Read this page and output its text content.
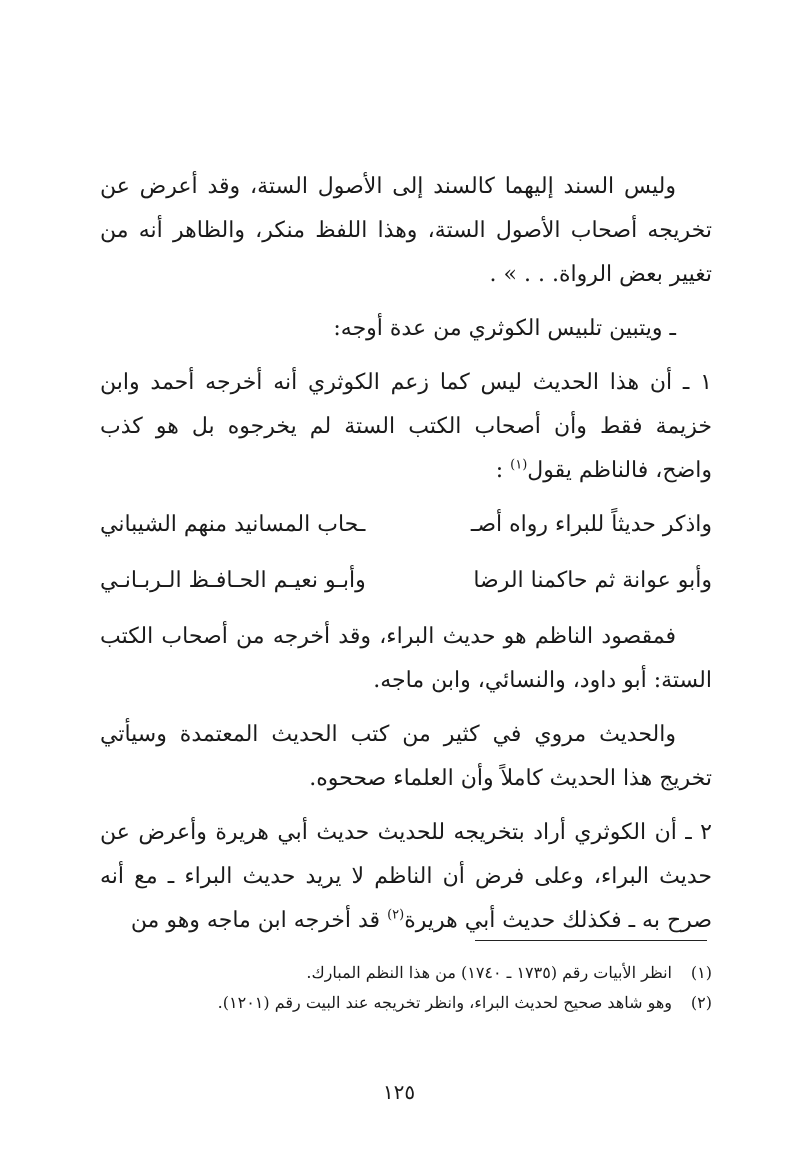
وليس السند إليهما كالسند إلى الأصول الستة، وقد أعرض عن تخريجه أصحاب الأصول الستة، وهذا اللفظ منكر، والظاهر أنه من تغيير بعض الرواة. . . » .

ـ ويتبين تلبيس الكوثري من عدة أوجه:

١ ـ أن هذا الحديث ليس كما زعم الكوثري أنه أخرجه أحمد وابن خزيمة فقط وأن أصحاب الكتب الستة لم يخرجوه بل هو كذب واضح، فالناظم يقول$^{(١)}$ :

واذكر حديثاً للبراء رواه أصـ
ـحاب المسانيد منهم الشيباني
وأبو عوانة ثم حاكمنا الرضا
وأبـو نعيـم الحـافـظ الـربـانـي

فمقصود الناظم هو حديث البراء، وقد أخرجه من أصحاب الكتب الستة: أبو داود، والنسائي، وابن ماجه.

والحديث مروي في كثير من كتب الحديث المعتمدة وسيأتي تخريج هذا الحديث كاملاً وأن العلماء صححوه.

٢ ـ أن الكوثري أراد بتخريجه للحديث حديث أبي هريرة وأعرض عن حديث البراء، وعلى فرض أن الناظم لا يريد حديث البراء ـ مع أنه صرح به ـ فكذلك حديث أبي هريرة$^{(٢)}$ قد أخرجه ابن ماجه وهو من

(١)
انظر الأبيات رقم (١٧٣٥ ـ ١٧٤٠) من هذا النظم المبارك.
(٢)
وهو شاهد صحيح لحديث البراء، وانظر تخريجه عند البيت رقم (١٢٠١).
١٢٥
